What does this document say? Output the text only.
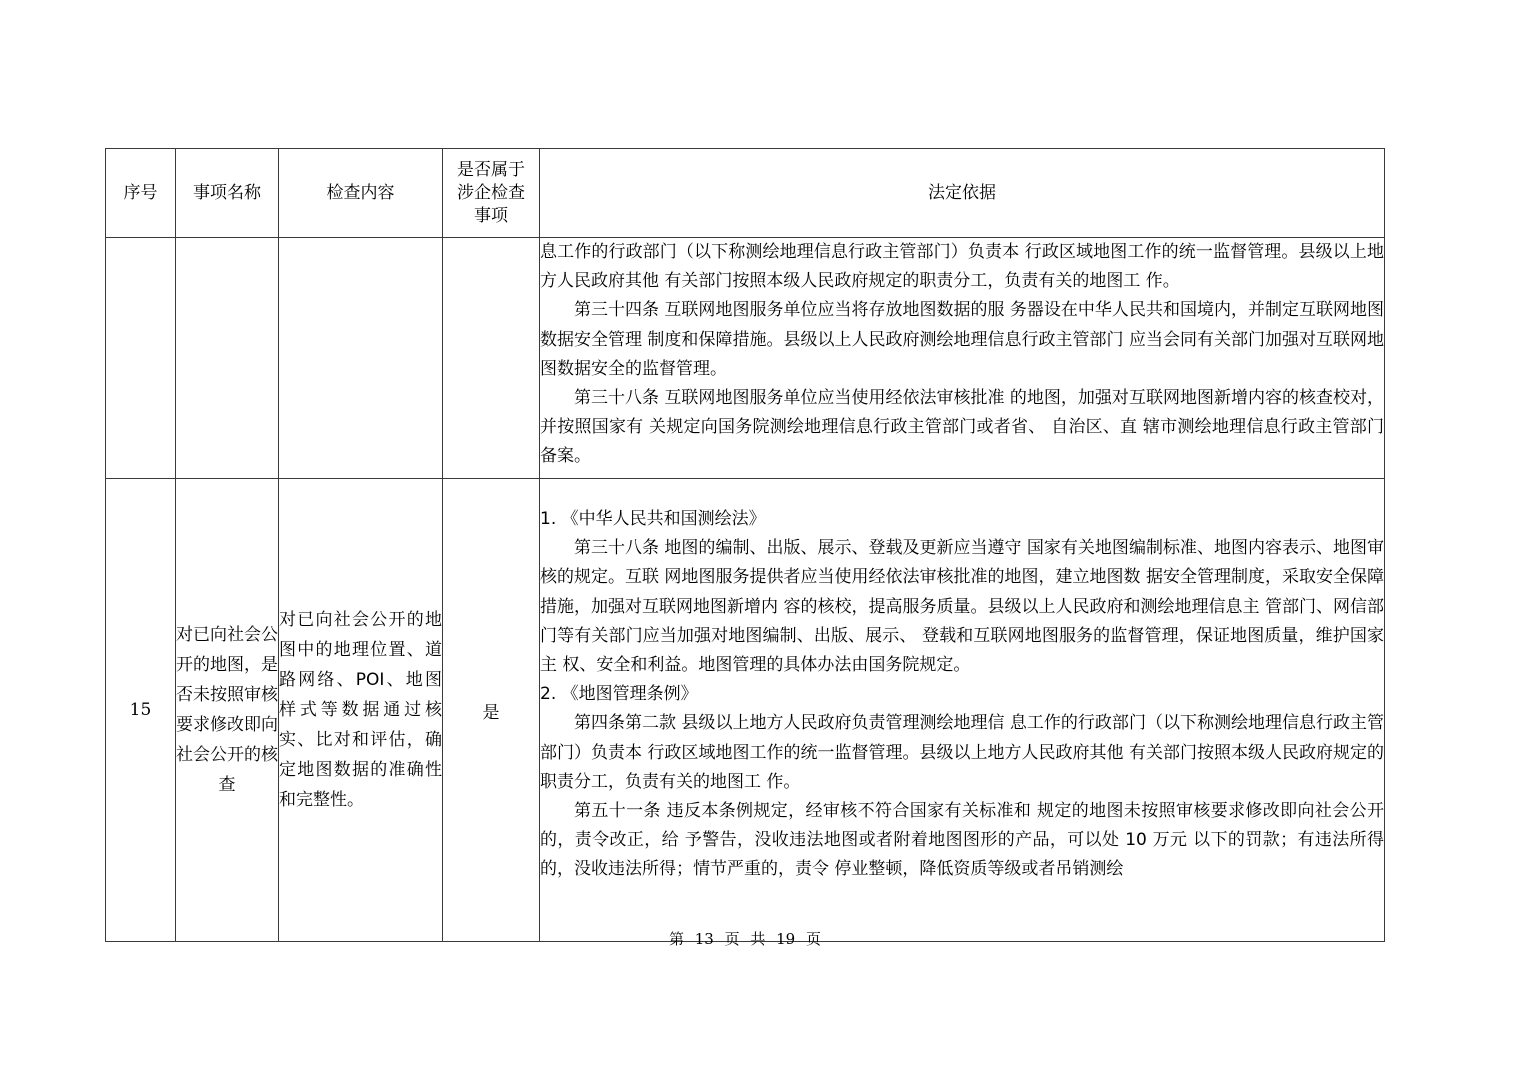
序号	事项名称	检查内容	是否属于涉企检查事项	法定依据

				息工作的行政部门（以下称测绘地理信息行政主管部门）负责本 行政区域地图工作的统一监督管理。县级以上地方人民政府其他 有关部门按照本级人民政府规定的职责分工，负责有关的地图工 作。

第三十四条 互联网地图服务单位应当将存放地图数据的服 务器设在中华人民共和国境内，并制定互联网地图数据安全管理 制度和保障措施。县级以上人民政府测绘地理信息行政主管部门 应当会同有关部门加强对互联网地图数据安全的监督管理。

第三十八条 互联网地图服务单位应当使用经依法审核批准 的地图，加强对互联网地图新增内容的核查校对，并按照国家有 关规定向国务院测绘地理信息行政主管部门或者省、 自治区、直 辖市测绘地理信息行政主管部门备案。

15	对已向社会公开的地图，是否未按照审核要求修改即向社会公开的核查	对已向社会公开的地图中的地理位置、道路网络、POI、地图样式等数据通过核实、比对和评估，确定地图数据的准确性和完整性。	是	1. 《中华人民共和国测绘法》

第三十八条 地图的编制、出版、展示、登载及更新应当遵守 国家有关地图编制标准、地图内容表示、地图审核的规定。互联 网地图服务提供者应当使用经依法审核批准的地图，建立地图数 据安全管理制度，采取安全保障措施，加强对互联网地图新增内 容的核校，提高服务质量。县级以上人民政府和测绘地理信息主 管部门、网信部门等有关部门应当加强对地图编制、出版、展示、 登载和互联网地图服务的监督管理，保证地图质量，维护国家主 权、安全和利益。地图管理的具体办法由国务院规定。

2. 《地图管理条例》

第四条第二款 县级以上地方人民政府负责管理测绘地理信 息工作的行政部门（以下称测绘地理信息行政主管部门）负责本 行政区域地图工作的统一监督管理。县级以上地方人民政府其他 有关部门按照本级人民政府规定的职责分工，负责有关的地图工 作。

第五十一条 违反本条例规定，经审核不符合国家有关标准和 规定的地图未按照审核要求修改即向社会公开的，责令改正，给 予警告，没收违法地图或者附着地图图形的产品，可以处 10 万元 以下的罚款；有违法所得的，没收违法所得；情节严重的，责令 停业整顿，降低资质等级或者吊销测绘

第 13 页 共 19 页
